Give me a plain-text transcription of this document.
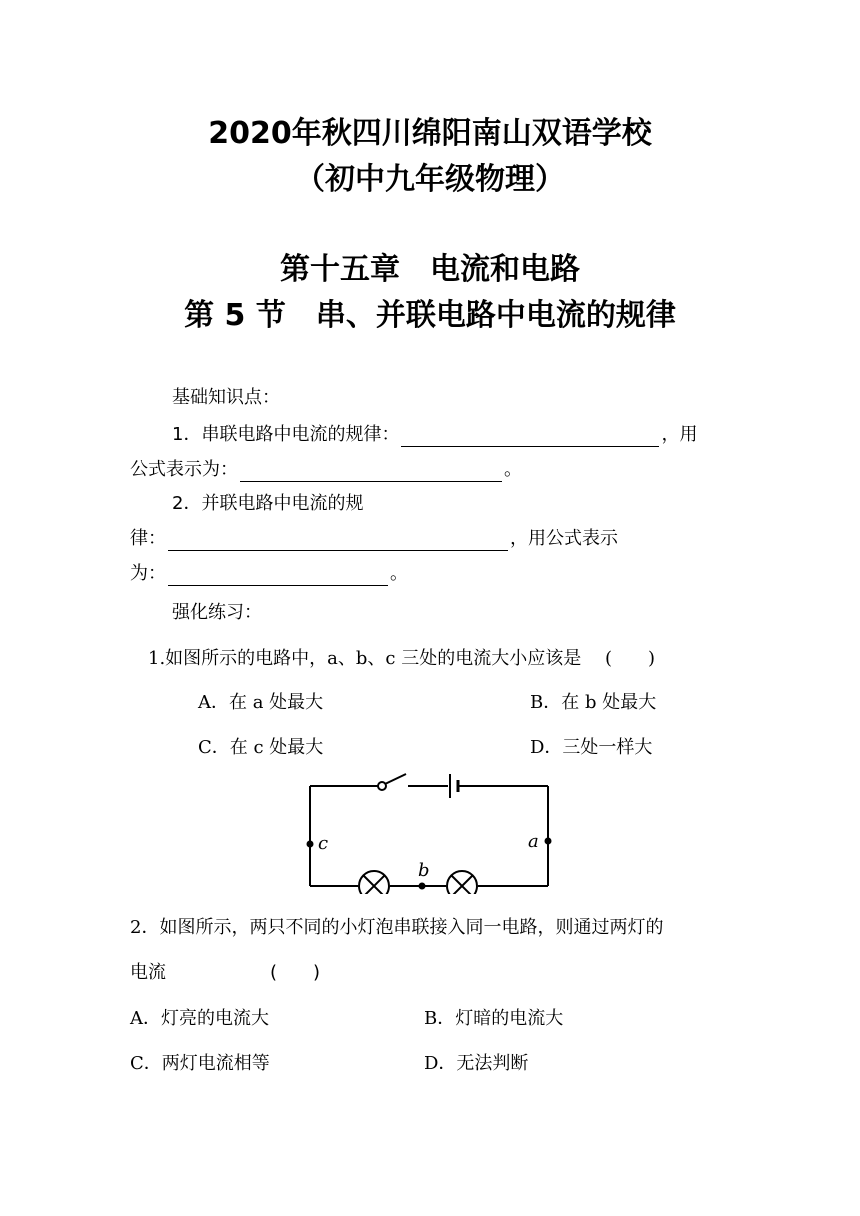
2020年秋四川绵阳南山双语学校
（初中九年级物理）
第十五章　电流和电路
第 5 节　串、并联电路中电流的规律
基础知识点：
1．串联电路中电流的规律：	，用
公式表示为：	。
2．并联电路中电流的规
律：	，用公式表示
为：	。
强化练习：
1.如图所示的电路中，a、b、c 三处的电流大小应该是 　(　　)
A．在 a 处最大	B．在 b 处最大
C．在 c 处最大	D．三处一样大
c
b
a
2．如图所示，两只不同的小灯泡串联接入同一电路，则通过两灯的
电流	(　　)
A．灯亮的电流大	B．灯暗的电流大
C．两灯电流相等	D．无法判断
